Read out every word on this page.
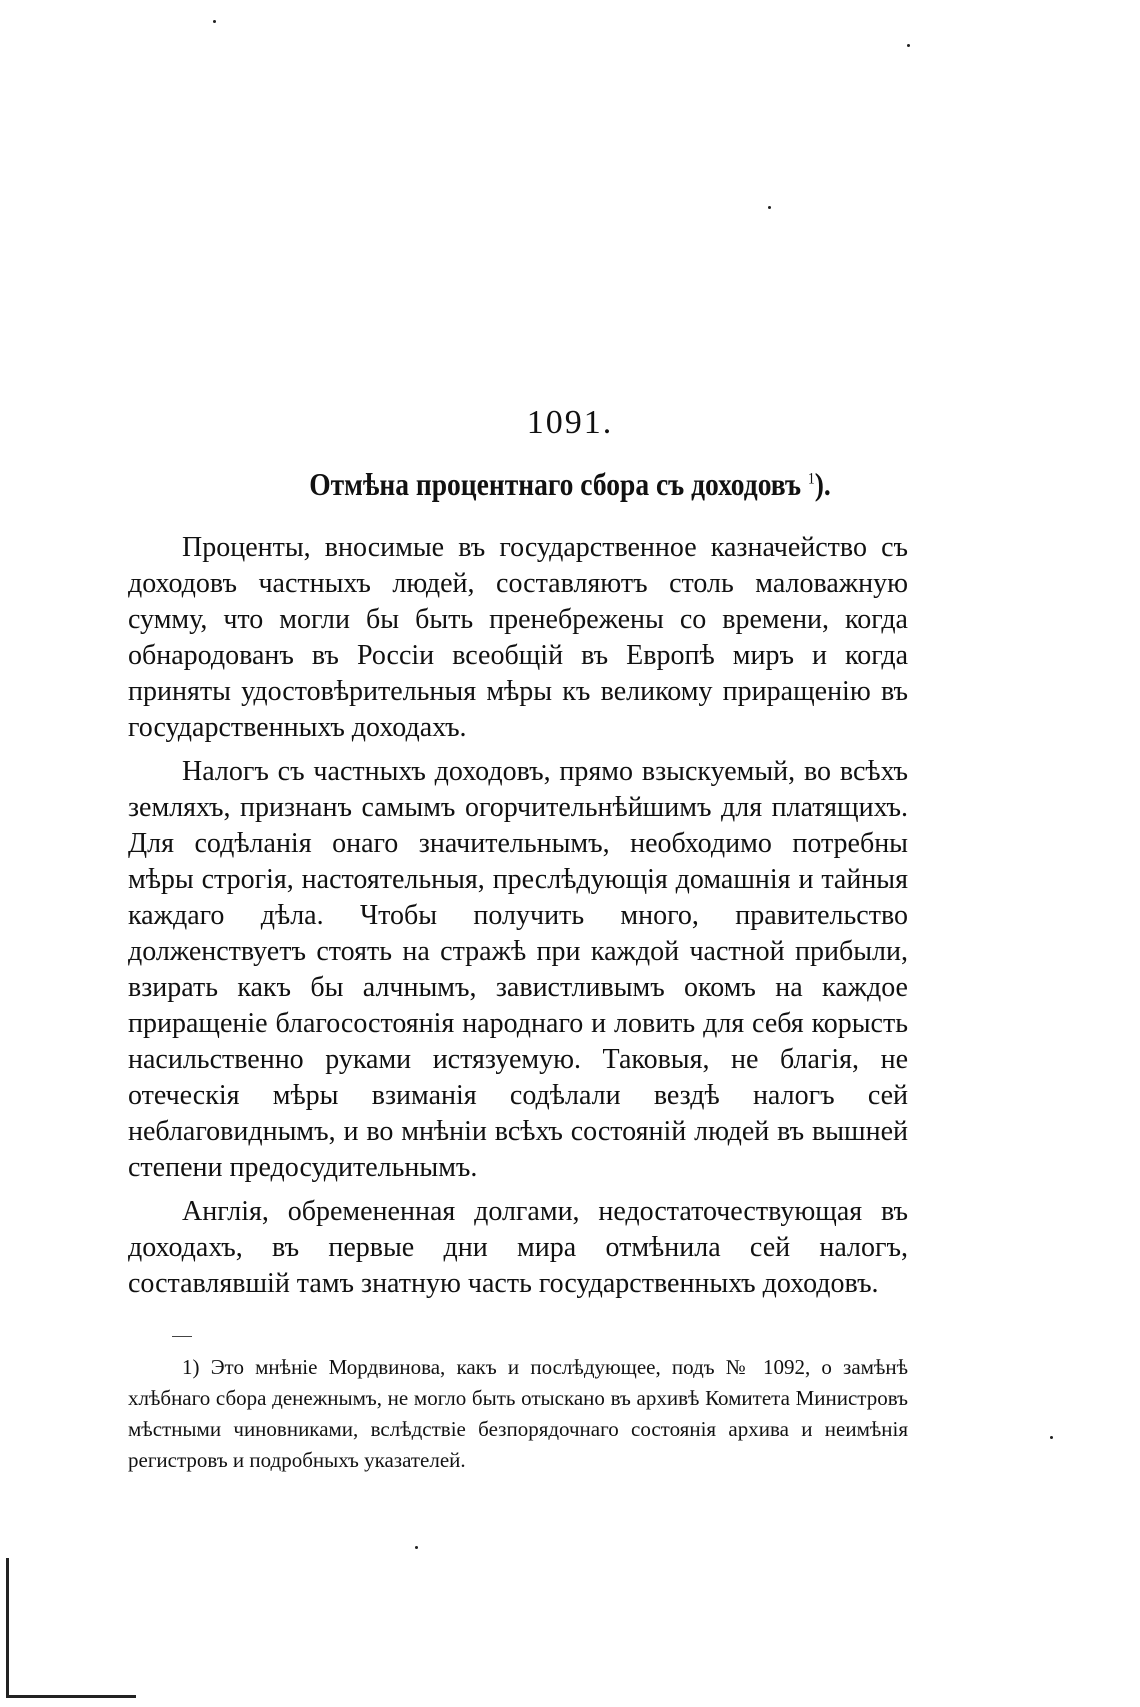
1091.
Отмѣна процентнаго сбора съ доходовъ $^1$).

Проценты, вносимые въ государственное казначейство съ доходовъ частныхъ людей, составляютъ столь маловажную сумму, что могли бы быть пренебрежены со времени, когда обнародованъ въ Россіи всеобщій въ Европѣ миръ и когда приняты удостовѣрительныя мѣры къ великому приращенію въ государственныхъ доходахъ.

Налогъ съ частныхъ доходовъ, прямо взыскуемый, во всѣхъ земляхъ, признанъ самымъ огорчительнѣйшимъ для платящихъ. Для содѣланія онаго значительнымъ, необходимо потребны мѣры строгія, настоятельныя, преслѣдующія домашнія и тайныя каждаго дѣла. Чтобы получить много, правительство долженствуетъ стоять на стражѣ при каждой частной прибыли, взирать какъ бы алчнымъ, завистливымъ окомъ на каждое приращеніе благосостоянія народнаго и ловить для себя корысть насильственно руками истязуемую. Таковыя, не благія, не отеческія мѣры взиманія содѣлали вездѣ налогъ сей неблаговиднымъ, и во мнѣніи всѣхъ состояній людей въ вышней степени предосудительнымъ.

Англія, обремененная долгами, недостаточествующая въ доходахъ, въ первые дни мира отмѣнила сей налогъ, составлявшій тамъ знатную часть государственныхъ доходовъ.

1) Это мнѣніе Мордвинова, какъ и послѣдующее, подъ № 1092, о замѣнѣ хлѣбнаго сбора денежнымъ, не могло быть отыскано въ архивѣ Комитета Министровъ мѣстными чиновниками, вслѣдствіе безпорядочнаго состоянія архива и неимѣнія регистровъ и подробныхъ указателей.
